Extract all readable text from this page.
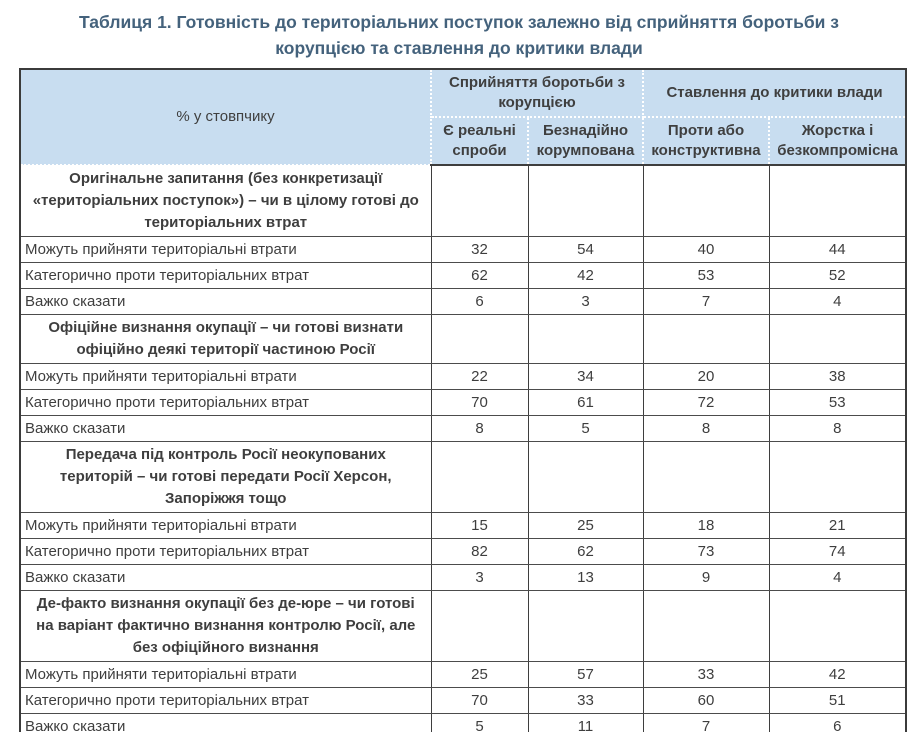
Таблиця 1. Готовність до територіальних поступок залежно від сприйняття боротьби з корупцією та ставлення до критики влади
% у стовпчику	Сприйняття боротьби з корупцією		Ставлення до критики влади	
	Є реальні спроби	Безнадійно корумпована	Проти або конструктивна	Жорстка і безкомпромісна
Оригінальне запитання (без конкретизації «територіальних поступок») – чи в цілому готові до територіальних втрат				
Можуть прийняти територіальні втрати	32	54	40	44
Категорично проти територіальних втрат	62	42	53	52
Важко сказати	6	3	7	4
Офіційне визнання окупації – чи готові визнати офіційно деякі території частиною Росії				
Можуть прийняти територіальні втрати	22	34	20	38
Категорично проти територіальних втрат	70	61	72	53
Важко сказати	8	5	8	8
Передача під контроль Росії неокупованих територій – чи готові передати Росії Херсон, Запоріжжя тощо				
Можуть прийняти територіальні втрати	15	25	18	21
Категорично проти територіальних втрат	82	62	73	74
Важко сказати	3	13	9	4
Де-факто визнання окупації без де-юре – чи готові на варіант фактично визнання контролю Росії, але без офіційного визнання				
Можуть прийняти територіальні втрати	25	57	33	42
Категорично проти територіальних втрат	70	33	60	51
Важко сказати	5	11	7	6
